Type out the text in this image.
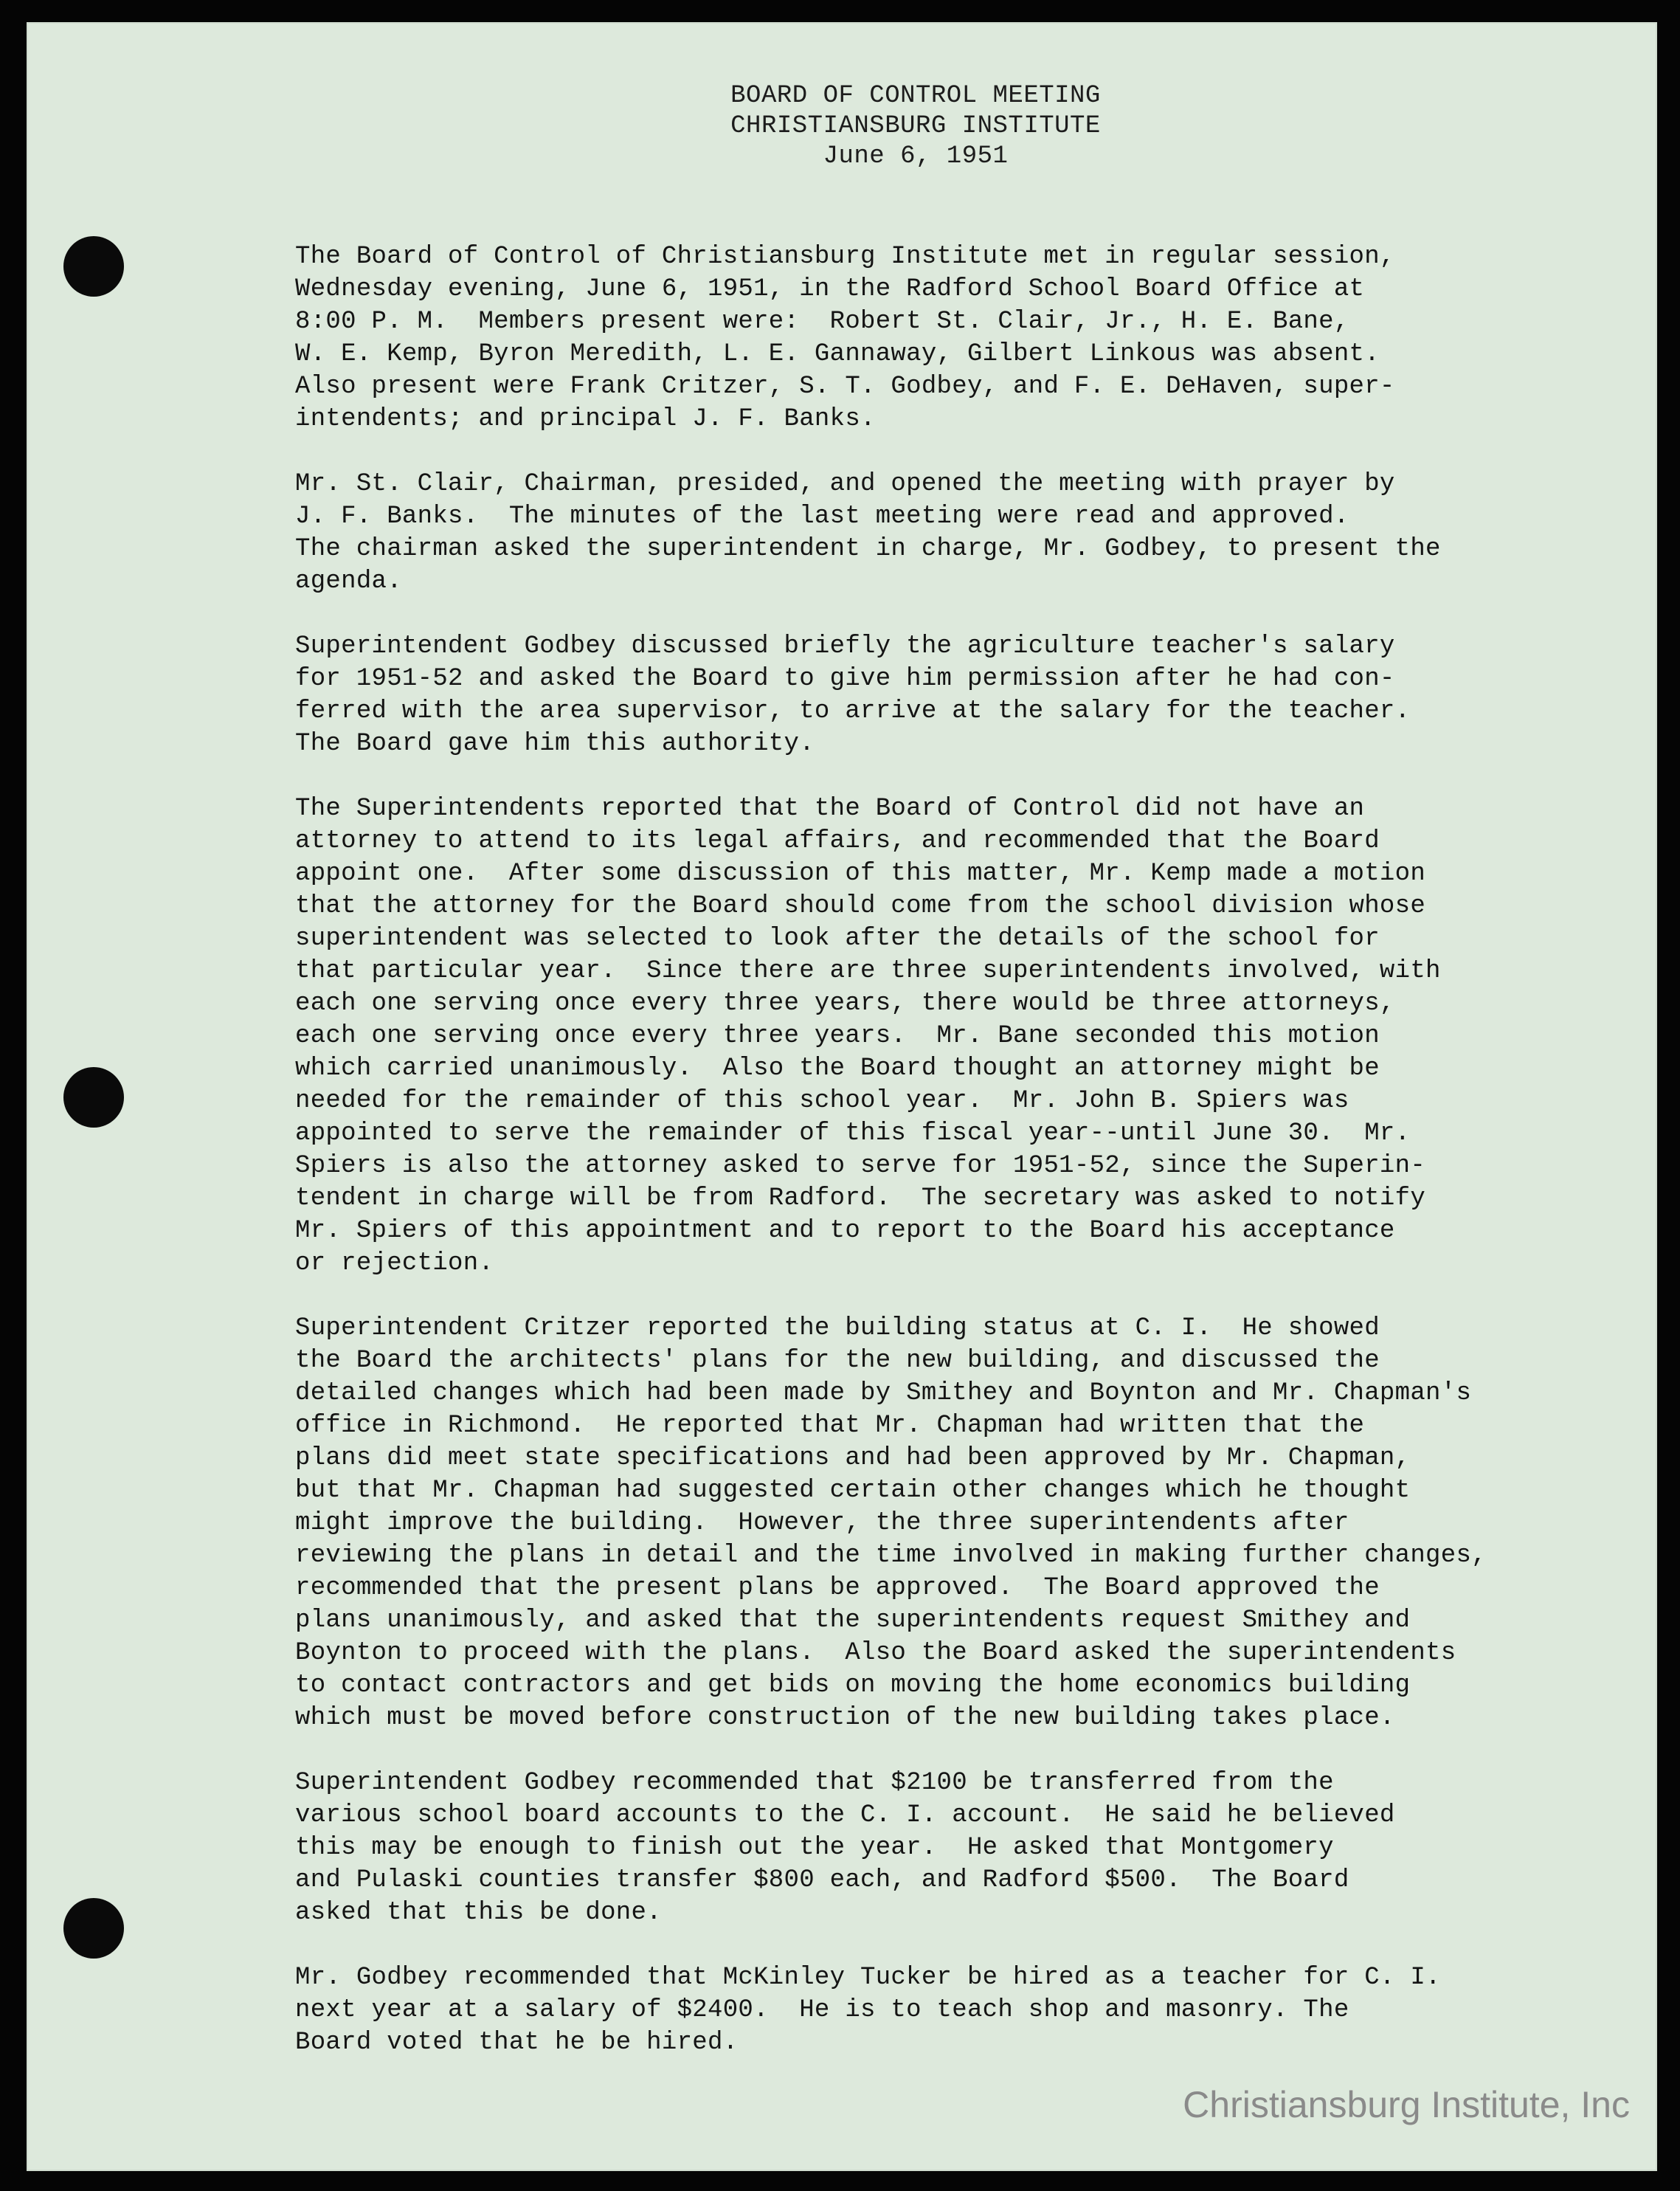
BOARD OF CONTROL MEETING
CHRISTIANSBURG INSTITUTE
June 6, 1951
The Board of Control of Christiansburg Institute met in regular session,
Wednesday evening, June 6, 1951, in the Radford School Board Office at
8:00 P. M.  Members present were:  Robert St. Clair, Jr., H. E. Bane,
W. E. Kemp, Byron Meredith, L. E. Gannaway, Gilbert Linkous was absent.
Also present were Frank Critzer, S. T. Godbey, and F. E. DeHaven, super-
intendents; and principal J. F. Banks.
Mr. St. Clair, Chairman, presided, and opened the meeting with prayer by
J. F. Banks.  The minutes of the last meeting were read and approved.
The chairman asked the superintendent in charge, Mr. Godbey, to present the
agenda.
Superintendent Godbey discussed briefly the agriculture teacher's salary
for 1951-52 and asked the Board to give him permission after he had con-
ferred with the area supervisor, to arrive at the salary for the teacher.
The Board gave him this authority.
The Superintendents reported that the Board of Control did not have an
attorney to attend to its legal affairs, and recommended that the Board
appoint one.  After some discussion of this matter, Mr. Kemp made a motion
that the attorney for the Board should come from the school division whose
superintendent was selected to look after the details of the school for
that particular year.  Since there are three superintendents involved, with
each one serving once every three years, there would be three attorneys,
each one serving once every three years.  Mr. Bane seconded this motion
which carried unanimously.  Also the Board thought an attorney might be
needed for the remainder of this school year.  Mr. John B. Spiers was
appointed to serve the remainder of this fiscal year--until June 30.  Mr.
Spiers is also the attorney asked to serve for 1951-52, since the Superin-
tendent in charge will be from Radford.  The secretary was asked to notify
Mr. Spiers of this appointment and to report to the Board his acceptance
or rejection.
Superintendent Critzer reported the building status at C. I.  He showed
the Board the architects' plans for the new building, and discussed the
detailed changes which had been made by Smithey and Boynton and Mr. Chapman's
office in Richmond.  He reported that Mr. Chapman had written that the
plans did meet state specifications and had been approved by Mr. Chapman,
but that Mr. Chapman had suggested certain other changes which he thought
might improve the building.  However, the three superintendents after
reviewing the plans in detail and the time involved in making further changes,
recommended that the present plans be approved.  The Board approved the
plans unanimously, and asked that the superintendents request Smithey and
Boynton to proceed with the plans.  Also the Board asked the superintendents
to contact contractors and get bids on moving the home economics building
which must be moved before construction of the new building takes place.
Superintendent Godbey recommended that $2100 be transferred from the
various school board accounts to the C. I. account.  He said he believed
this may be enough to finish out the year.  He asked that Montgomery
and Pulaski counties transfer $800 each, and Radford $500.  The Board
asked that this be done.
Mr. Godbey recommended that McKinley Tucker be hired as a teacher for C. I.
next year at a salary of $2400.  He is to teach shop and masonry. The
Board voted that he be hired.
Christiansburg Institute, Inc
